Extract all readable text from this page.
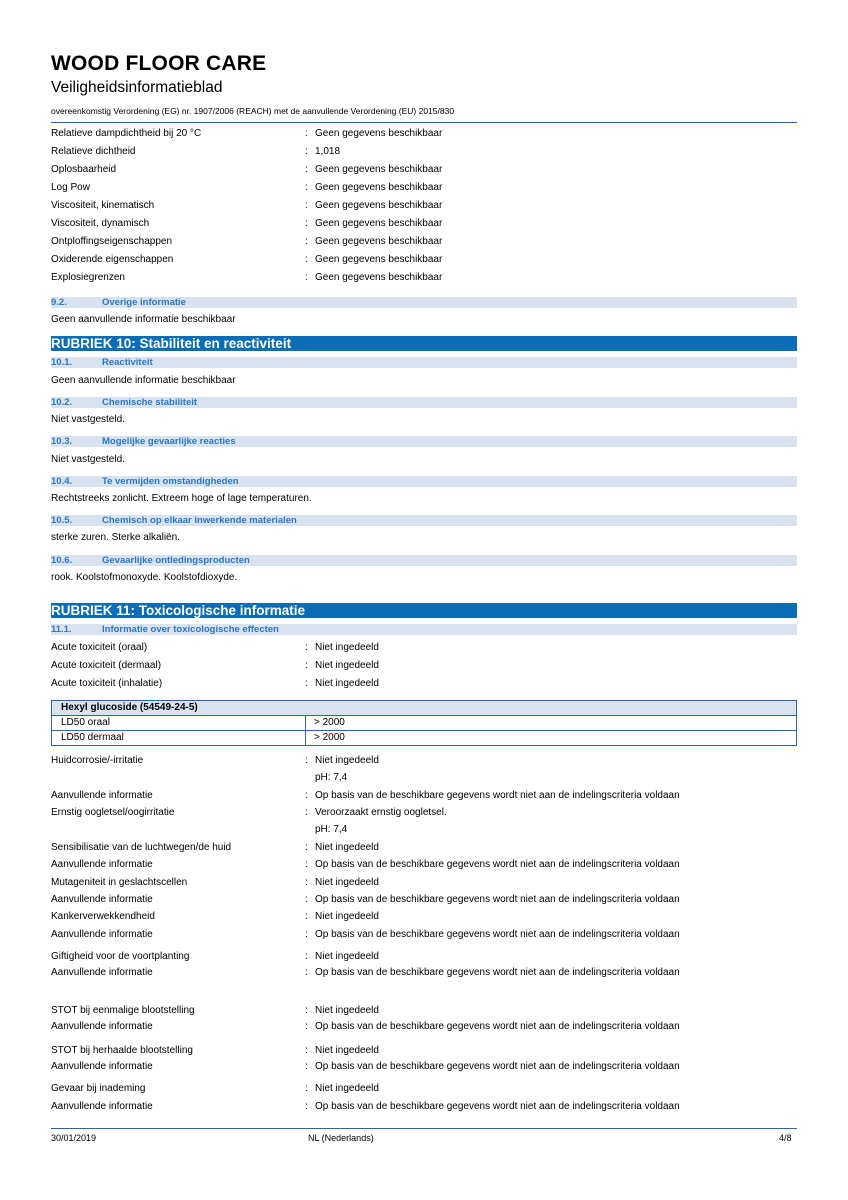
WOOD FLOOR CARE
Veiligheidsinformatieblad
overeenkomstig Verordening (EG) nr. 1907/2006 (REACH) met de aanvullende Verordening (EU) 2015/830
Relatieve dampdichtheid bij 20 °C	: Geen gegevens beschikbaar
Relatieve dichtheid	: 1,018
Oplosbaarheid	: Geen gegevens beschikbaar
Log Pow	: Geen gegevens beschikbaar
Viscositeit, kinematisch	: Geen gegevens beschikbaar
Viscositeit, dynamisch	: Geen gegevens beschikbaar
Ontploffingseigenschappen	: Geen gegevens beschikbaar
Oxiderende eigenschappen	: Geen gegevens beschikbaar
Explosiegrenzen	: Geen gegevens beschikbaar
9.2.	Overige informatie
Geen aanvullende informatie beschikbaar
RUBRIEK 10: Stabiliteit en reactiviteit
10.1.	Reactiviteit
Geen aanvullende informatie beschikbaar
10.2.	Chemische stabiliteit
Niet vastgesteld.
10.3.	Mogelijke gevaarlijke reacties
Niet vastgesteld.
10.4.	Te vermijden omstandigheden
Rechtstreeks zonlicht. Extreem hoge of lage temperaturen.
10.5.	Chemisch op elkaar inwerkende materialen
sterke zuren. Sterke alkaliën.
10.6.	Gevaarlijke ontledingsproducten
rook. Koolstofmonoxyde. Koolstofdioxyde.
RUBRIEK 11: Toxicologische informatie
11.1.	Informatie over toxicologische effecten
Acute toxiciteit (oraal)	: Niet ingedeeld
Acute toxiciteit (dermaal)	: Niet ingedeeld
Acute toxiciteit (inhalatie)	: Niet ingedeeld
Hexyl glucoside (54549-24-5)
LD50 oraal	> 2000
LD50 dermaal	> 2000
Huidcorrosie/-irritatie	: Niet ingedeeld
pH: 7,4
Aanvullende informatie	: Op basis van de beschikbare gegevens wordt niet aan de indelingscriteria voldaan
Ernstig oogletsel/oogirritatie	: Veroorzaakt ernstig oogletsel.
pH: 7,4
Sensibilisatie van de luchtwegen/de huid	: Niet ingedeeld
Aanvullende informatie	: Op basis van de beschikbare gegevens wordt niet aan de indelingscriteria voldaan
Mutageniteit in geslachtscellen	: Niet ingedeeld
Aanvullende informatie	: Op basis van de beschikbare gegevens wordt niet aan de indelingscriteria voldaan
Kankerverwekkendheid	: Niet ingedeeld
Aanvullende informatie	: Op basis van de beschikbare gegevens wordt niet aan de indelingscriteria voldaan
Giftigheid voor de voortplanting	: Niet ingedeeld
Aanvullende informatie	: Op basis van de beschikbare gegevens wordt niet aan de indelingscriteria voldaan
STOT bij eenmalige blootstelling	: Niet ingedeeld
Aanvullende informatie	: Op basis van de beschikbare gegevens wordt niet aan de indelingscriteria voldaan
STOT bij herhaalde blootstelling	: Niet ingedeeld
Aanvullende informatie	: Op basis van de beschikbare gegevens wordt niet aan de indelingscriteria voldaan
Gevaar bij inademing	: Niet ingedeeld
Aanvullende informatie	: Op basis van de beschikbare gegevens wordt niet aan de indelingscriteria voldaan
30/01/2019	NL (Nederlands)	4/8
